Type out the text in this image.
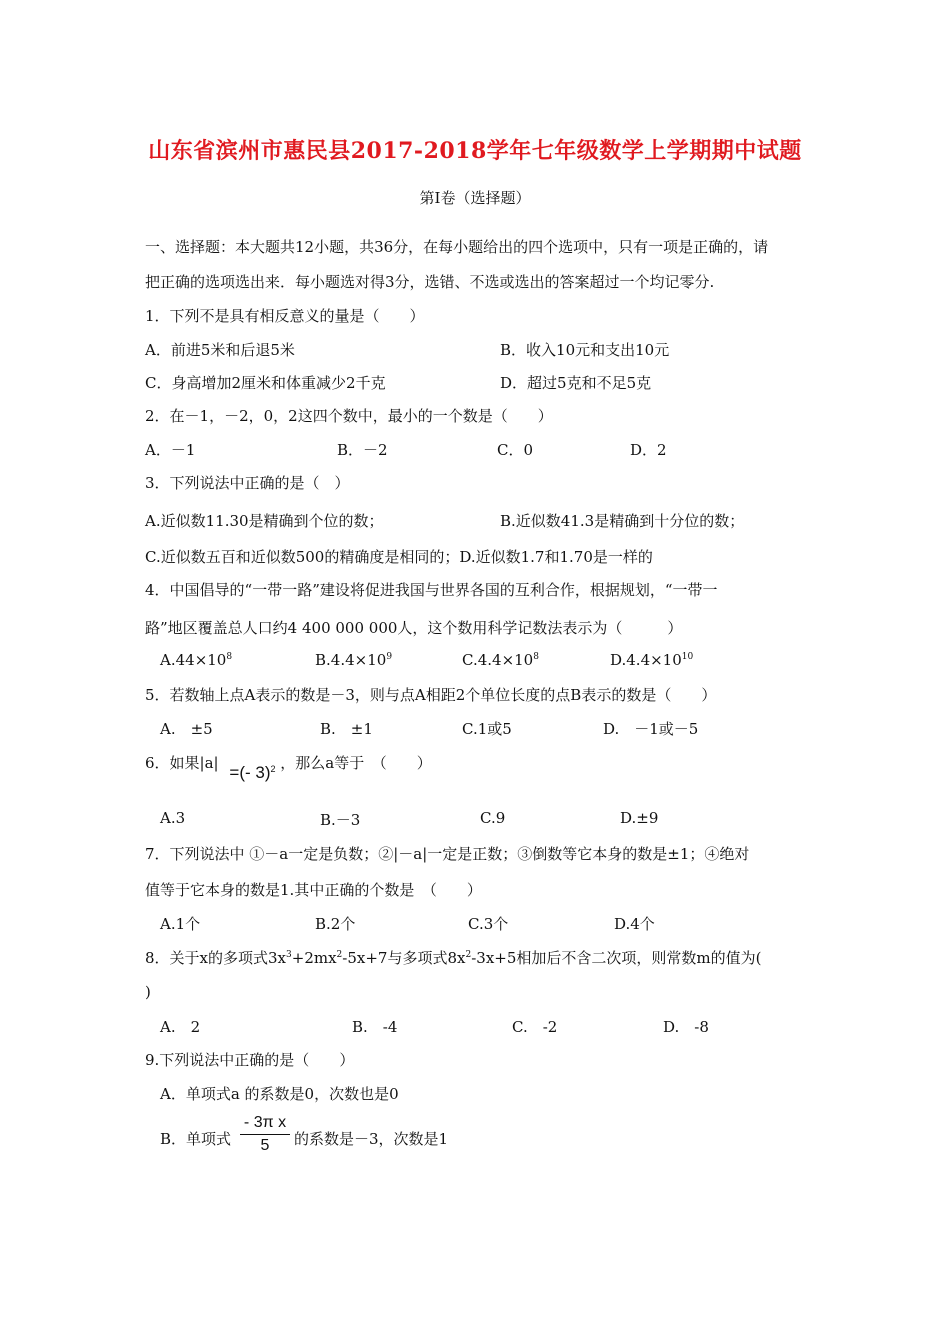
山东省滨州市惠民县2017-2018学年七年级数学上学期期中试题
第Ⅰ卷（选择题）
一、选择题：本大题共12小题，共36分，在每小题给出的四个选项中，只有一项是正确的，请
把正确的选项选出来．每小题选对得3分，选错、不选或选出的答案超过一个均记零分.
1．下列不是具有相反意义的量是（　　）
A．前进5米和后退5米	B．收入10元和支出10元
C．身高增加2厘米和体重减少2千克	D．超过5克和不足5克
2．在－1，－2，0，2这四个数中，最小的一个数是（　　）
A．－1	B．－2	C．0	D．2
3．下列说法中正确的是（　）
A.近似数11.30是精确到个位的数；	B.近似数41.3是精确到十分位的数；
C.近似数五百和近似数500的精确度是相同的；D.近似数1.7和1.70是一样的
4．中国倡导的“一带一路”建设将促进我国与世界各国的互利合作，根据规划，“一带一
路”地区覆盖总人口约4 400 000 000人，这个数用科学记数法表示为（　　　）
$A.44\times 10^8$	$B.4.4\times 10^9$	$C.4.4\times 10^8$	$D.4.4\times 10^{10}$
5．若数轴上点A表示的数是－3，则与点A相距2个单位长度的点B表示的数是（　　）
A.　±5	B.　±1	C.1或5	D.　－1或－5
6．如果|a| =(- 3)$^2$ ，那么a等于　（　　）
A.3	B.－3	C.9	D.±9
7．下列说法中 ①－a一定是负数；②|－a|一定是正数；③倒数等它本身的数是±1；④绝对
值等于它本身的数是1.其中正确的个数是　（　　）
A.1个	B.2个	C.3个	D.4个
8．关于x的多项式$3x^3+2mx^2-5x+7$与多项式$8x^2-3x+5$相加后不含二次项，则常数m的值为(
)
A.　2	B.　-4	C.　-2	D.　-8
9.下列说法中正确的是（　　）
A．单项式a 的系数是0，次数也是0
B．单项式
- 3π x
5	的系数是－3，次数是1
